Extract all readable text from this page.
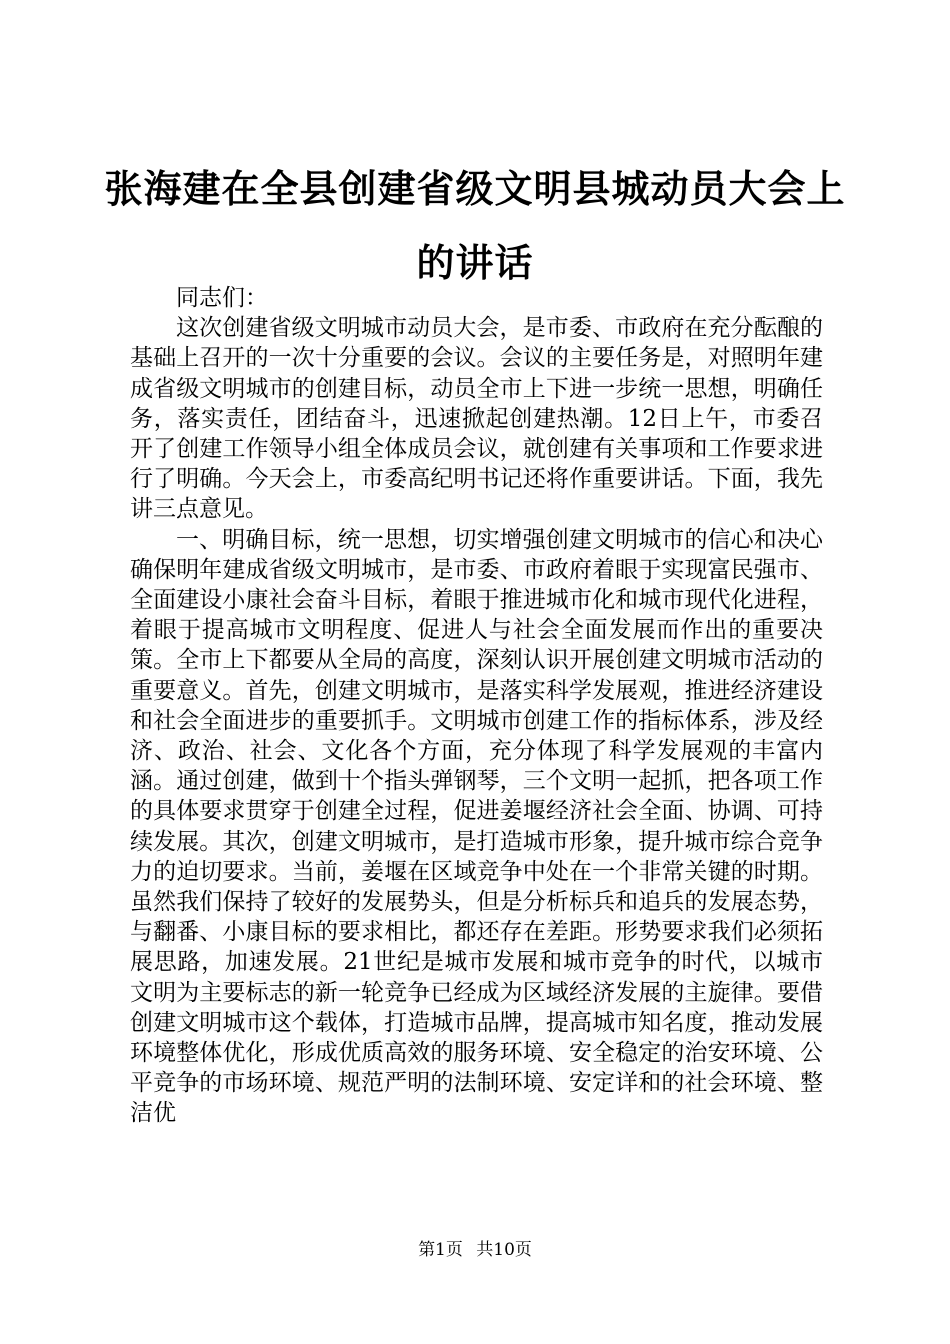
张海建在全县创建省级文明县城动员大会上的讲话

同志们：

这次创建省级文明城市动员大会，是市委、市政府在充分酝酿的基础上召开的一次十分重要的会议。会议的主要任务是，对照明年建成省级文明城市的创建目标，动员全市上下进一步统一思想，明确任务，落实责任，团结奋斗，迅速掀起创建热潮。12日上午，市委召开了创建工作领导小组全体成员会议，就创建有关事项和工作要求进行了明确。今天会上，市委高纪明书记还将作重要讲话。下面，我先讲三点意见。

一、明确目标，统一思想，切实增强创建文明城市的信心和决心确保明年建成省级文明城市，是市委、市政府着眼于实现富民强市、全面建设小康社会奋斗目标，着眼于推进城市化和城市现代化进程，着眼于提高城市文明程度、促进人与社会全面发展而作出的重要决策。全市上下都要从全局的高度，深刻认识开展创建文明城市活动的重要意义。首先，创建文明城市，是落实科学发展观，推进经济建设和社会全面进步的重要抓手。文明城市创建工作的指标体系，涉及经济、政治、社会、文化各个方面，充分体现了科学发展观的丰富内涵。通过创建，做到十个指头弹钢琴，三个文明一起抓，把各项工作的具体要求贯穿于创建全过程，促进姜堰经济社会全面、协调、可持续发展。其次，创建文明城市，是打造城市形象，提升城市综合竞争力的迫切要求。当前，姜堰在区域竞争中处在一个非常关键的时期。虽然我们保持了较好的发展势头，但是分析标兵和追兵的发展态势，与翻番、小康目标的要求相比，都还存在差距。形势要求我们必须拓展思路，加速发展。21世纪是城市发展和城市竞争的时代，以城市文明为主要标志的新一轮竞争已经成为区域经济发展的主旋律。要借创建文明城市这个载体，打造城市品牌，提高城市知名度，推动发展环境整体优化，形成优质高效的服务环境、安全稳定的治安环境、公平竞争的市场环境、规范严明的法制环境、安定详和的社会环境、整洁优

第1页 共10页
